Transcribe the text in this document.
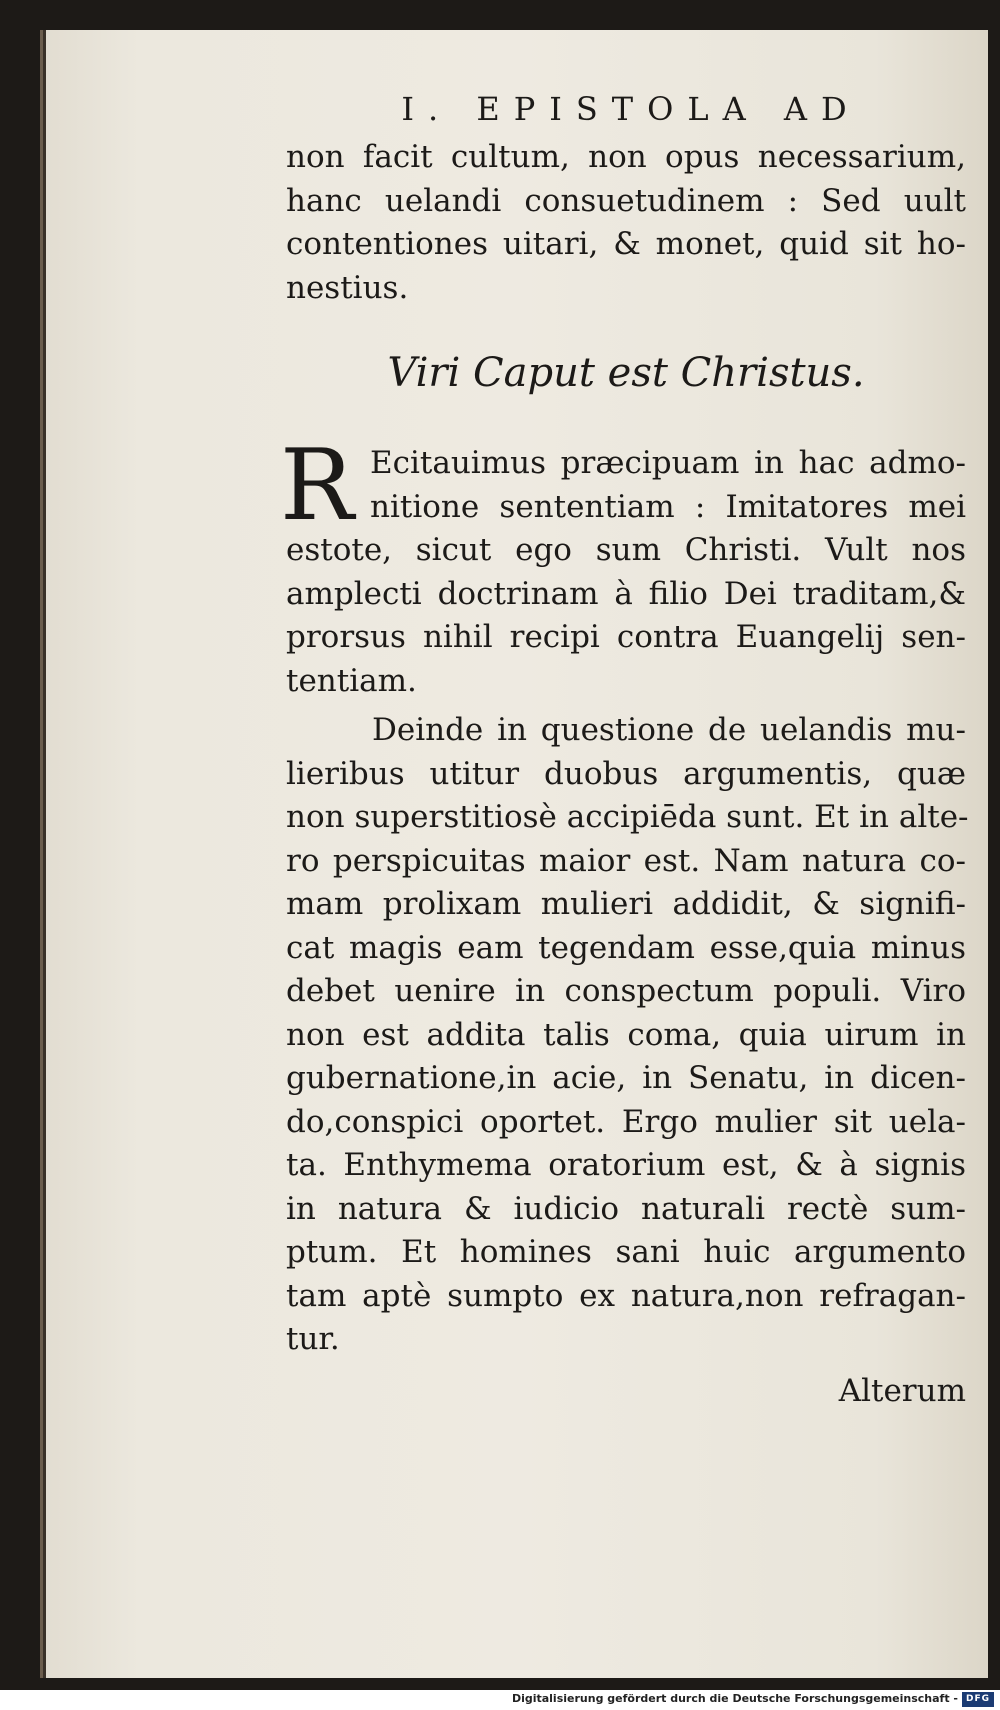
I. EPISTOLA AD
non facit cultum, non opus necessarium,
hanc uelandi consuetudinem : Sed uult
contentiones uitari, & monet, quid sit ho-
nestius.
Viri Caput est Christus.
R Ecitauimus præcipuam in hac admo-
nitione sententiam : Imitatores mei
estote, sicut ego sum Christi. Vult nos
amplecti doctrinam à filio Dei traditam,&
prorsus nihil recipi contra Euangelij sen-
tentiam.
Deinde in questione de uelandis mu-
lieribus utitur duobus argumentis, quæ
non superstitiosè accipiēda sunt. Et in alte-
ro perspicuitas maior est. Nam natura co-
mam prolixam mulieri addidit, & signifi-
cat magis eam tegendam esse,quia minus
debet uenire in conspectum populi. Viro
non est addita talis coma, quia uirum in
gubernatione,in acie, in Senatu, in dicen-
do,conspici oportet. Ergo mulier sit uela-
ta. Enthymema oratorium est, & à signis
in natura & iudicio naturali rectè sum-
ptum. Et homines sani huic argumento
tam aptè sumpto ex natura,non refragan-
tur.
Alterum
Digitalisierung gefördert durch die Deutsche Forschungsgemeinschaft - DFG
